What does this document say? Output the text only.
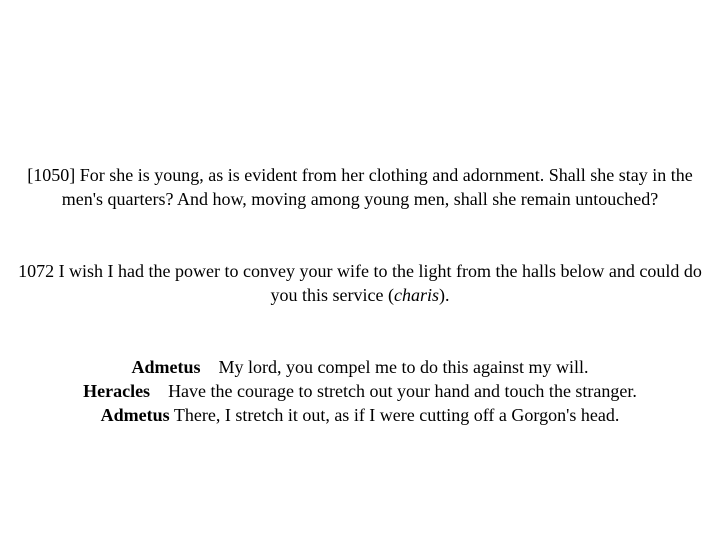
[1050] For she is young, as is evident from her clothing and adornment. Shall she stay in the men's quarters? And how, moving among young men, shall she remain untouched?

1072 I wish I had the power to convey your wife to the light from the halls below and could do you this service (charis).

Admetus My lord, you compel me to do this against my will.
Heracles Have the courage to stretch out your hand and touch the stranger.
Admetus There, I stretch it out, as if I were cutting off a Gorgon's head.
